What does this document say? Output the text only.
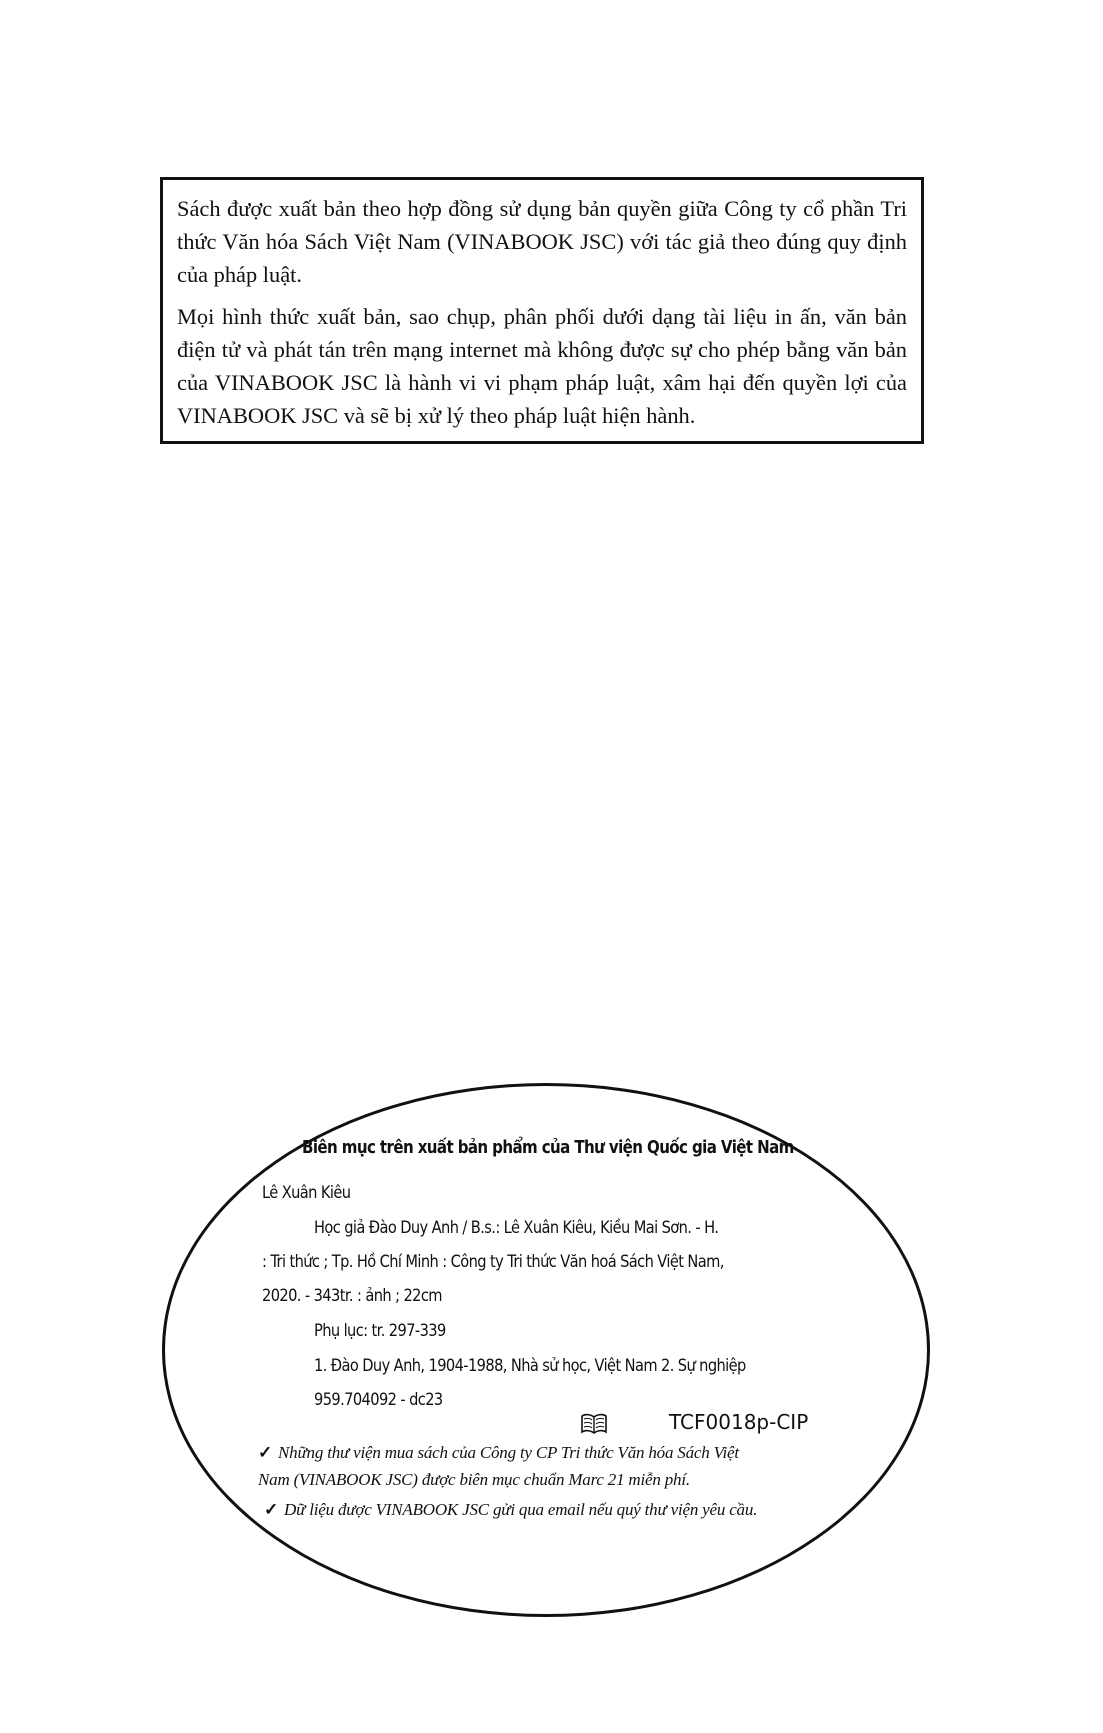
Sách được xuất bản theo hợp đồng sử dụng bản quyền giữa Công ty cổ phần Tri thức Văn hóa Sách Việt Nam (VINABOOK JSC) với tác giả theo đúng quy định của pháp luật.

Mọi hình thức xuất bản, sao chụp, phân phối dưới dạng tài liệu in ấn, văn bản điện tử và phát tán trên mạng internet mà không được sự cho phép bằng văn bản của VINABOOK JSC là hành vi vi phạm pháp luật, xâm hại đến quyền lợi của VINABOOK JSC và sẽ bị xử lý theo pháp luật hiện hành.

Biên mục trên xuất bản phẩm của Thư viện Quốc gia Việt Nam
Lê Xuân Kiêu
Học giả Đào Duy Anh / B.s.: Lê Xuân Kiêu, Kiều Mai Sơn. - H.
: Tri thức ; Tp. Hồ Chí Minh : Công ty Tri thức Văn hoá Sách Việt Nam,
2020. - 343tr. : ảnh ; 22cm
Phụ lục: tr. 297-339
1. Đào Duy Anh, 1904-1988, Nhà sử học, Việt Nam 2. Sự nghiệp
959.704092 - dc23
TCF0018p-CIP
✓ Những thư viện mua sách của Công ty CP Tri thức Văn hóa Sách Việt
Nam (VINABOOK JSC) được biên mục chuẩn Marc 21 miễn phí.
✓ Dữ liệu được VINABOOK JSC gửi qua email nếu quý thư viện yêu cầu.
